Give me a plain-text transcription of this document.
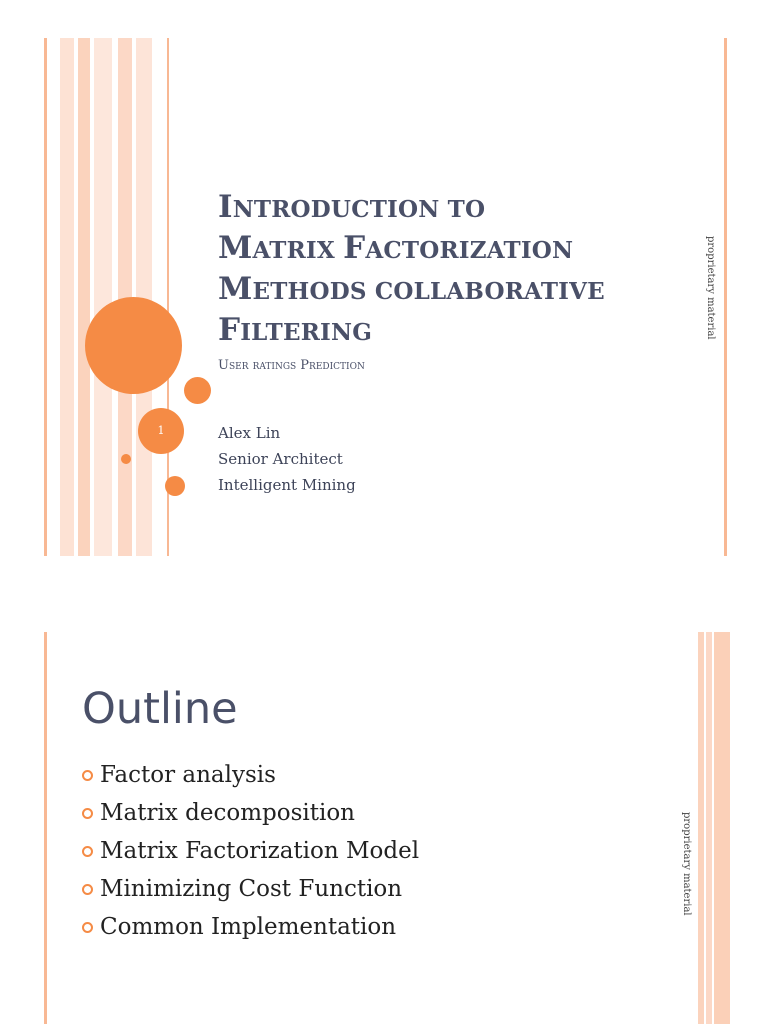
1
INTRODUCTION TO
MATRIX FACTORIZATION
METHODS COLLABORATIVE
FILTERING
User ratings Prediction
Alex Lin
Senior Architect
Intelligent Mining
proprietary material
Outline
Factor analysis
Matrix decomposition
Matrix Factorization Model
Minimizing Cost Function
Common Implementation
proprietary material
